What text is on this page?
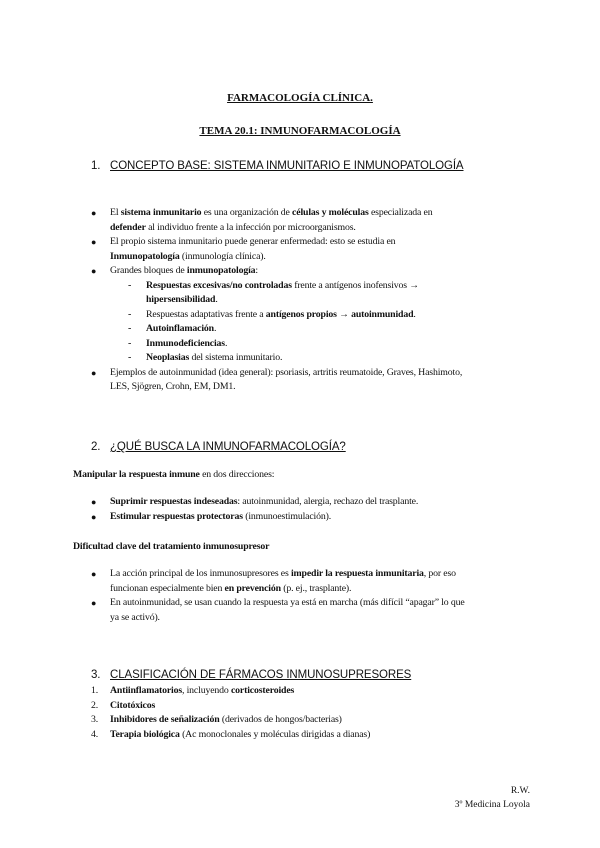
FARMACOLOGÍA CLÍNICA.
TEMA 20.1: INMUNOFARMACOLOGÍA
1. CONCEPTO BASE: SISTEMA INMUNITARIO E INMUNOPATOLOGÍA
● El sistema inmunitario es una organización de células y moléculas especializada en
defender al individuo frente a la infección por microorganismos.
● El propio sistema inmunitario puede generar enfermedad: esto se estudia en
Inmunopatología (inmunología clínica).
● Grandes bloques de inmunopatología:
- Respuestas excesivas/no controladas frente a antígenos inofensivos →
hipersensibilidad.
- Respuestas adaptativas frente a antígenos propios → autoinmunidad.
- Autoinflamación.
- Inmunodeficiencias.
- Neoplasias del sistema inmunitario.
● Ejemplos de autoinmunidad (idea general): psoriasis, artritis reumatoide, Graves, Hashimoto,
LES, Sjögren, Crohn, EM, DM1.
2. ¿QUÉ BUSCA LA INMUNOFARMACOLOGÍA?
Manipular la respuesta inmune en dos direcciones:
● Suprimir respuestas indeseadas: autoinmunidad, alergia, rechazo del trasplante.
● Estimular respuestas protectoras (inmunoestimulación).
Dificultad clave del tratamiento inmunosupresor
● La acción principal de los inmunosupresores es impedir la respuesta inmunitaria, por eso
funcionan especialmente bien en prevención (p. ej., trasplante).
● En autoinmunidad, se usan cuando la respuesta ya está en marcha (más difícil “apagar” lo que
ya se activó).
3. CLASIFICACIÓN DE FÁRMACOS INMUNOSUPRESORES
1. Antiinflamatorios, incluyendo corticosteroides
2. Citotóxicos
3. Inhibidores de señalización (derivados de hongos/bacterias)
4. Terapia biológica (Ac monoclonales y moléculas dirigidas a dianas)
R.W.
3º Medicina Loyola
